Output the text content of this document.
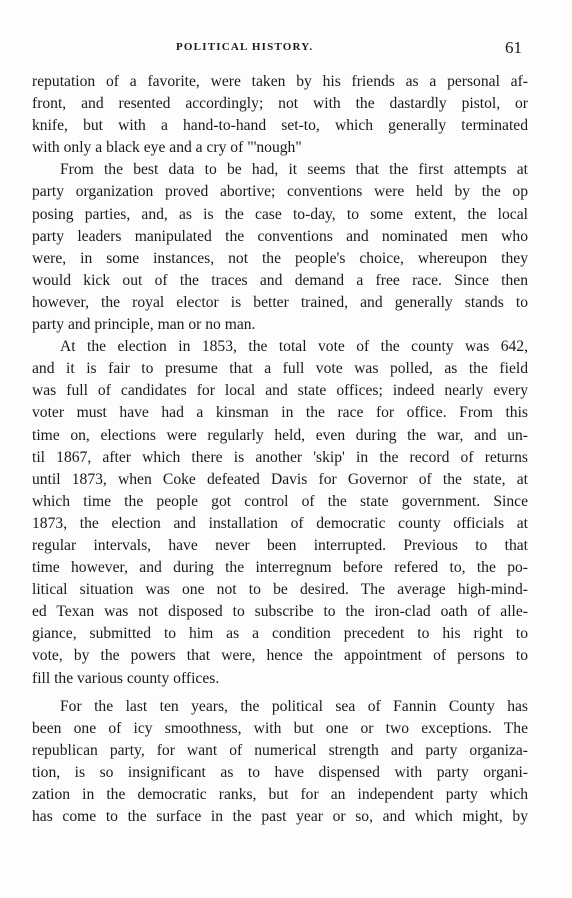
POLITICAL HISTORY.	61
reputation of a favorite, were taken by his friends as a personal af-
front, and resented accordingly; not with the dastardly pistol, or
knife, but with a hand-to-hand set-to, which generally terminated
with only a black eye and a cry of "'nough"
From the best data to be had, it seems that the first attempts at
party organization proved abortive; conventions were held by the op
posing parties, and, as is the case to-day, to some extent, the local
party leaders manipulated the conventions and nominated men who
were, in some instances, not the people's choice, whereupon they
would kick out of the traces and demand a free race. Since then
however, the royal elector is better trained, and generally stands to
party and principle, man or no man.
At the election in 1853, the total vote of the county was 642,
and it is fair to presume that a full vote was polled, as the field
was full of candidates for local and state offices; indeed nearly every
voter must have had a kinsman in the race for office. From this
time on, elections were regularly held, even during the war, and un-
til 1867, after which there is another 'skip' in the record of returns
until 1873, when Coke defeated Davis for Governor of the state, at
which time the people got control of the state government. Since
1873, the election and installation of democratic county officials at
regular intervals, have never been interrupted. Previous to that
time however, and during the interregnum before refered to, the po-
litical situation was one not to be desired. The average high-mind-
ed Texan was not disposed to subscribe to the iron-clad oath of alle-
giance, submitted to him as a condition precedent to his right to
vote, by the powers that were, hence the appointment of persons to
fill the various county offices.
For the last ten years, the political sea of Fannin County has
been one of icy smoothness, with but one or two exceptions. The
republican party, for want of numerical strength and party organiza-
tion, is so insignificant as to have dispensed with party organi-
zation in the democratic ranks, but for an independent party which
has come to the surface in the past year or so, and which might, by
